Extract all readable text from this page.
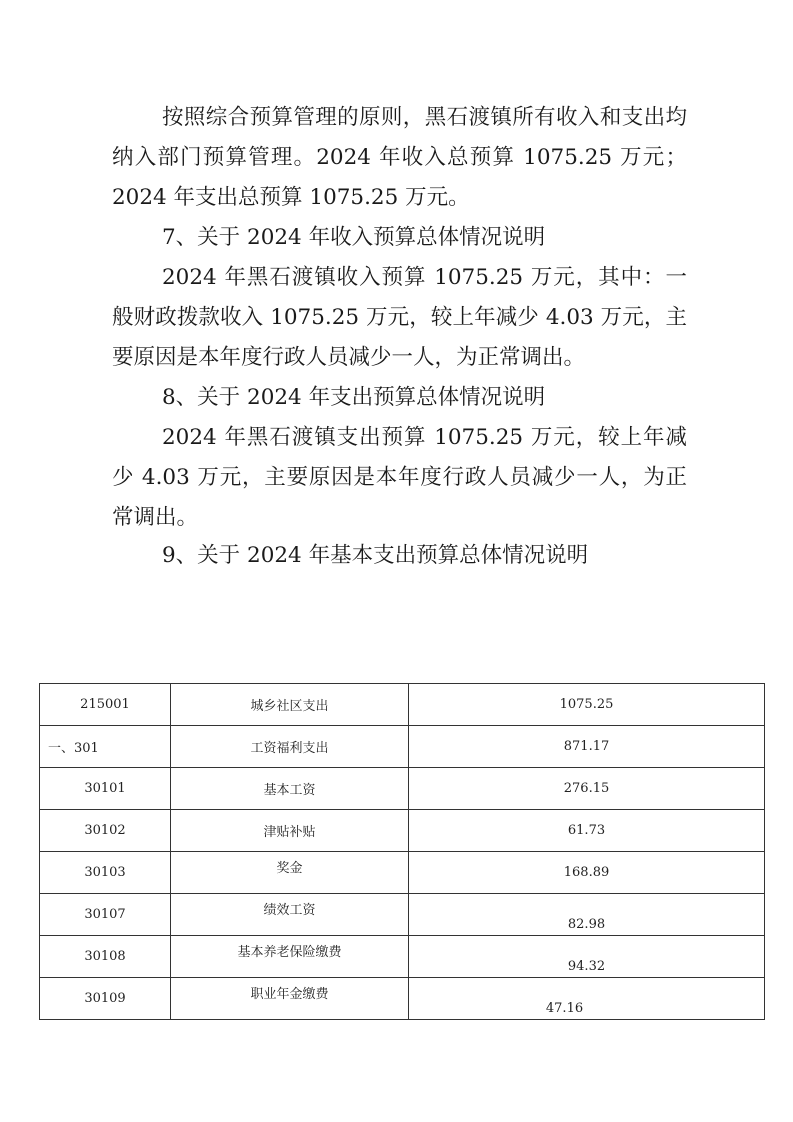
按照综合预算管理的原则，黑石渡镇所有收入和支出均纳入部门预算管理。2024 年收入总预算 1075.25 万元；2024 年支出总预算 1075.25 万元。

7、关于 2024 年收入预算总体情况说明

2024 年黑石渡镇收入预算 1075.25 万元，其中：一般财政拨款收入 1075.25 万元，较上年减少 4.03 万元，主要原因是本年度行政人员减少一人，为正常调出。

8、关于 2024 年支出预算总体情况说明

2024 年黑石渡镇支出预算 1075.25 万元，较上年减少 4.03 万元，主要原因是本年度行政人员减少一人，为正常调出。

9、关于 2024 年基本支出预算总体情况说明

215001	城乡社区支出	1075.25
一、301	工资福利支出	871.17
30101	基本工资	276.15
30102	津贴补贴	61.73
30103	奖金	168.89
30107	绩效工资	82.98
30108	基本养老保险缴费	94.32
30109	职业年金缴费	47.16
